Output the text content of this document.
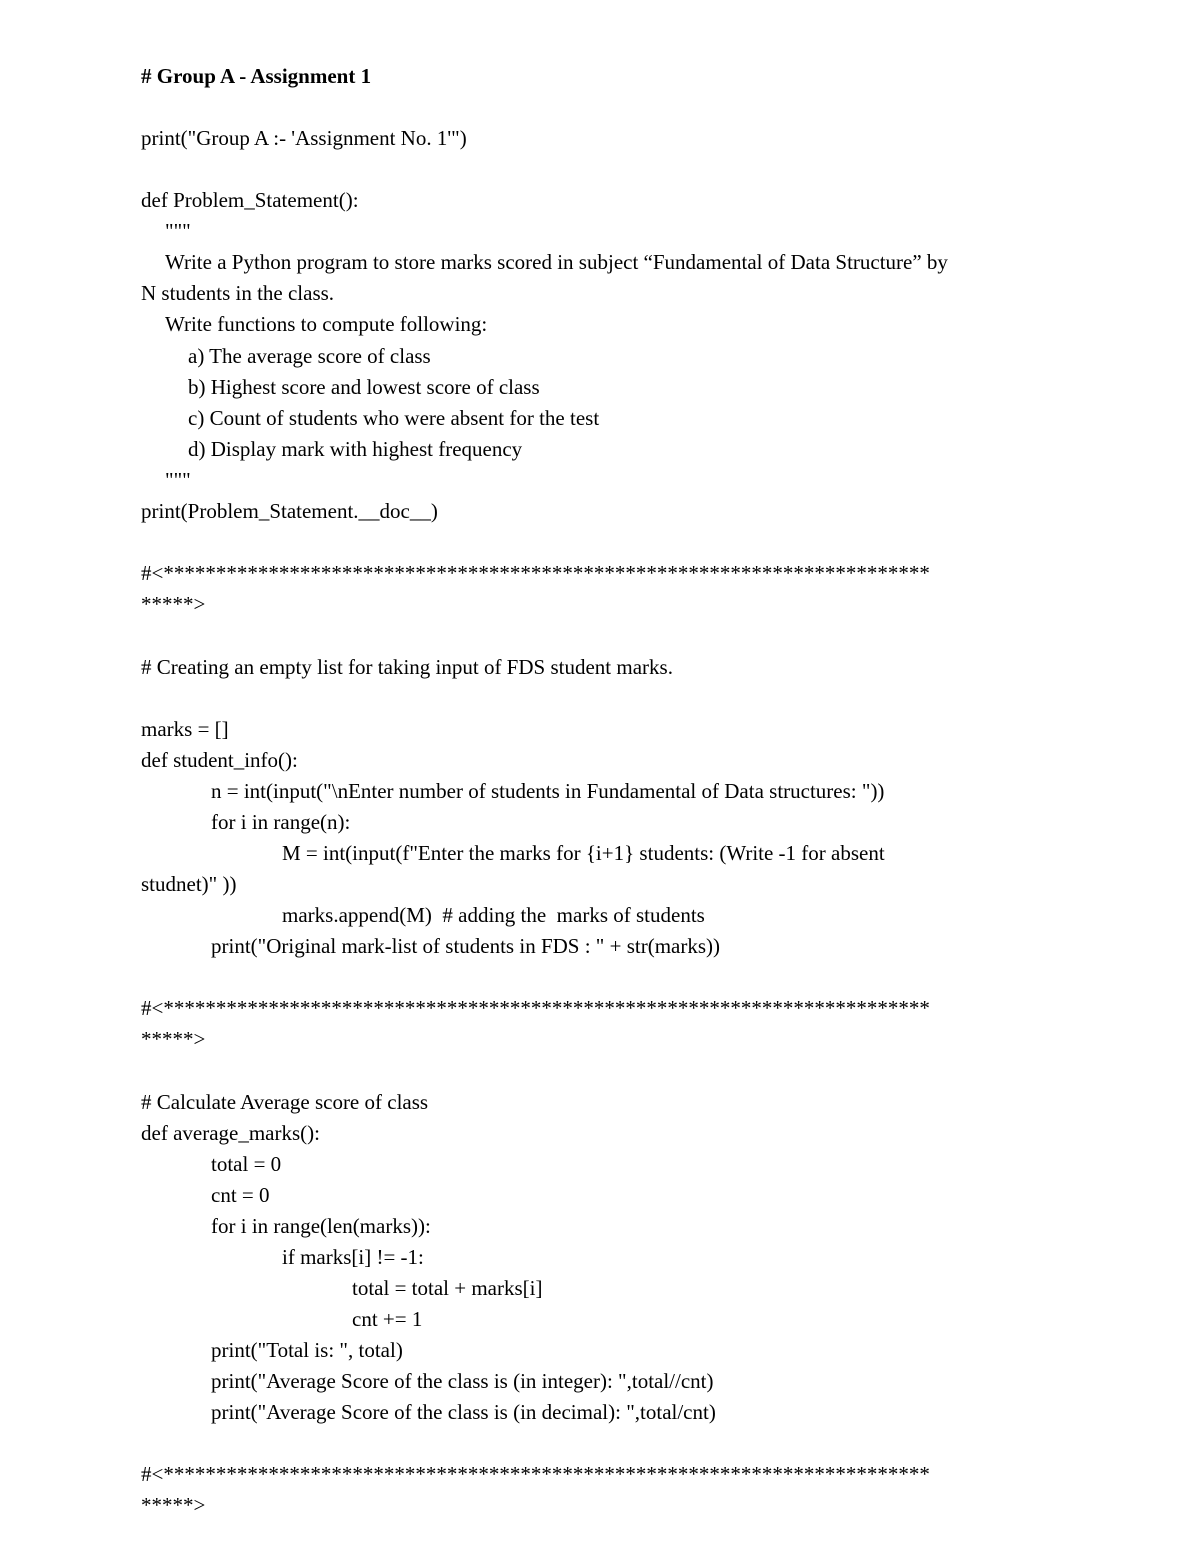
# Group A - Assignment 1
print("Group A :- 'Assignment No. 1'")
def Problem_Statement():
"""
Write a Python program to store marks scored in subject “Fundamental of Data Structure” by
N students in the class.
Write functions to compute following:
a) The average score of class
b) Highest score and lowest score of class
c) Count of students who were absent for the test
d) Display mark with highest frequency
"""
print(Problem_Statement.__doc__)
#<*************************************************************************
*****>
# Creating an empty list for taking input of FDS student marks.
marks = []
def student_info():
n = int(input("\nEnter number of students in Fundamental of Data structures: "))
for i in range(n):
M = int(input(f"Enter the marks for {i+1} students: (Write -1 for absent
studnet)" ))
marks.append(M)  # adding the  marks of students
print("Original mark-list of students in FDS : " + str(marks))
#<*************************************************************************
*****>
# Calculate Average score of class
def average_marks():
total = 0
cnt = 0
for i in range(len(marks)):
if marks[i] != -1:
total = total + marks[i]
cnt += 1
print("Total is: ", total)
print("Average Score of the class is (in integer): ",total//cnt)
print("Average Score of the class is (in decimal): ",total/cnt)
#<*************************************************************************
*****>
